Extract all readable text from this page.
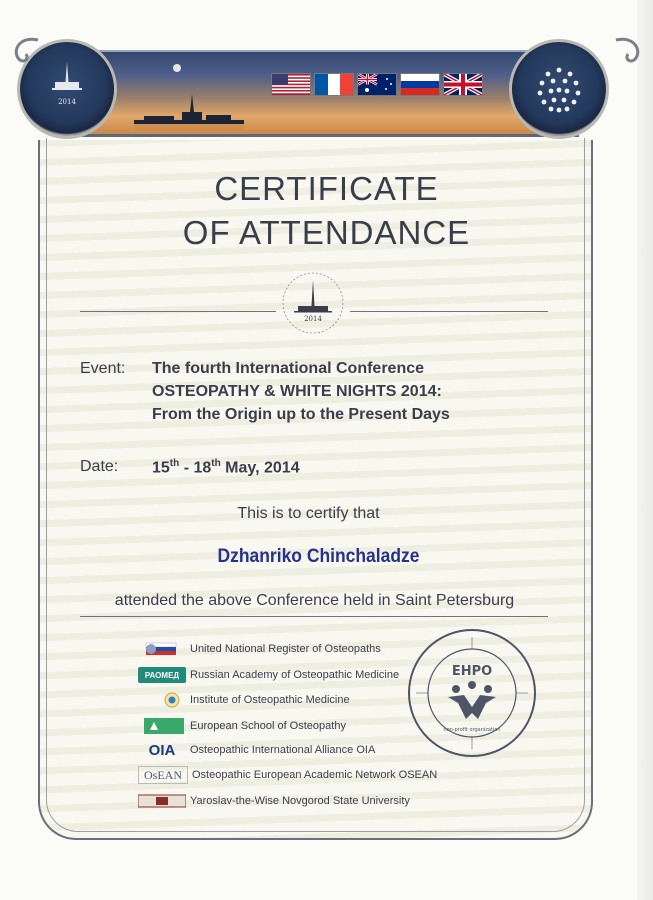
2014
CERTIFICATE
OF ATTENDANCE
2014
Event: The fourth International Conference
OSTEOPATHY & WHITE NIGHTS 2014:
From the Origin up to the Present Days
Date: 15th - 18th May, 2014
This is to certify that
Dzhanriko Chinchaladze
attended the above Conference held in Saint Petersburg
United National Register of Osteopaths
РАОМЕД Russian Academy of Osteopathic Medicine
Institute of Osteopathic Medicine
European School of Osteopathy
OIA	Osteopathic International Alliance OIA
OsEAN Osteopathic European Academic Network OSEAN
Yaroslav-the-Wise Novgorod State University
ЕНРО
non-profit organization
